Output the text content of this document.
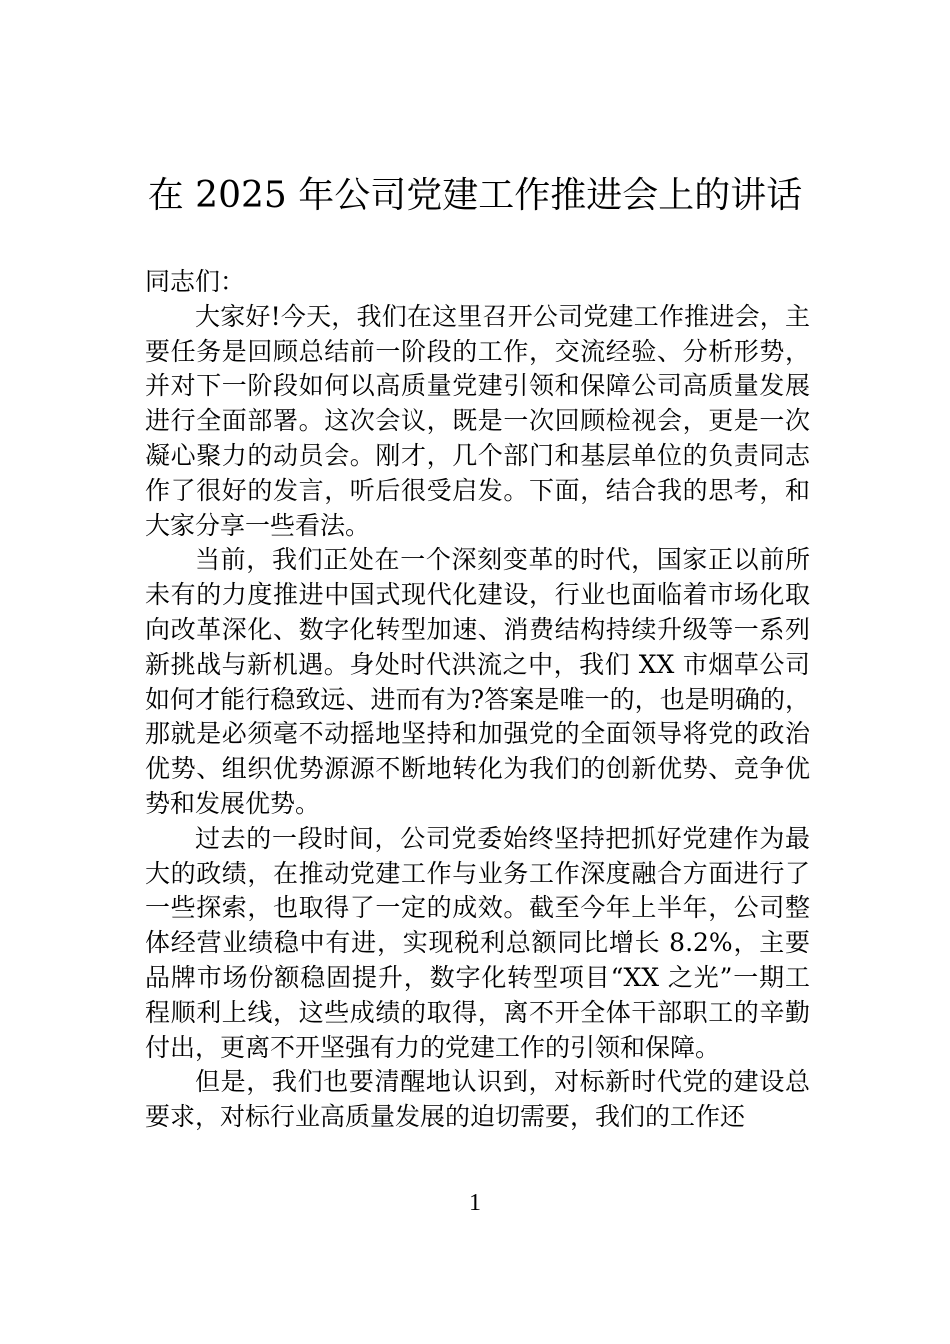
在 2025 年公司党建工作推进会上的讲话

同志们：

大家好!今天，我们在这里召开公司党建工作推进会，主要任务是回顾总结前一阶段的工作，交流经验、分析形势，并对下一阶段如何以高质量党建引领和保障公司高质量发展进行全面部署。这次会议，既是一次回顾检视会，更是一次凝心聚力的动员会。刚才，几个部门和基层单位的负责同志作了很好的发言，听后很受启发。下面，结合我的思考，和大家分享一些看法。

当前，我们正处在一个深刻变革的时代，国家正以前所未有的力度推进中国式现代化建设，行业也面临着市场化取向改革深化、数字化转型加速、消费结构持续升级等一系列新挑战与新机遇。身处时代洪流之中，我们 XX 市烟草公司如何才能行稳致远、进而有为?答案是唯一的，也是明确的，那就是必须毫不动摇地坚持和加强党的全面领导将党的政治优势、组织优势源源不断地转化为我们的创新优势、竞争优势和发展优势。

过去的一段时间，公司党委始终坚持把抓好党建作为最大的政绩，在推动党建工作与业务工作深度融合方面进行了一些探索，也取得了一定的成效。截至今年上半年，公司整体经营业绩稳中有进，实现税利总额同比增长 8.2%，主要品牌市场份额稳固提升，数字化转型项目“XX 之光”一期工程顺利上线，这些成绩的取得，离不开全体干部职工的辛勤付出，更离不开坚强有力的党建工作的引领和保障。

但是，我们也要清醒地认识到，对标新时代党的建设总要求，对标行业高质量发展的迫切需要，我们的工作还

1
